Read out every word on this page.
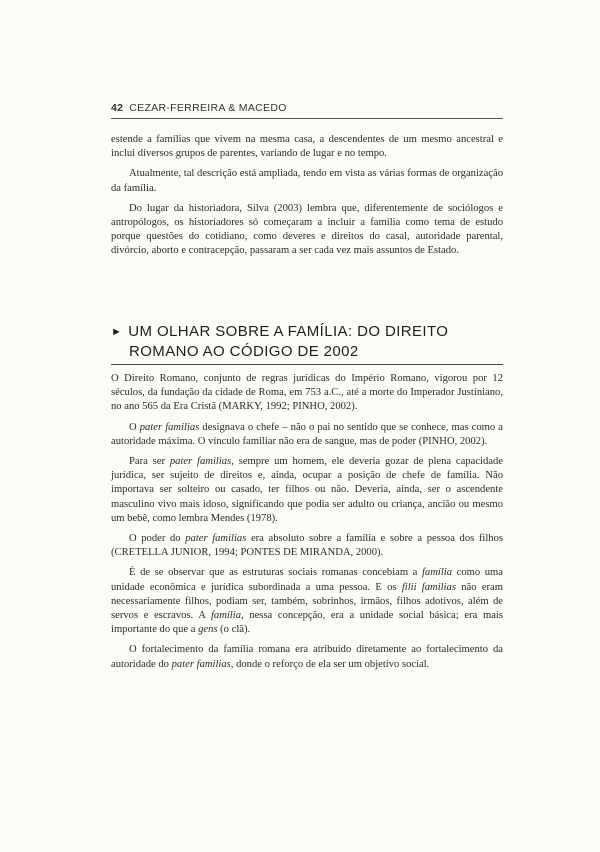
42 CEZAR-FERREIRA & MACEDO

estende a famílias que vivem na mesma casa, a descendentes de um mesmo ancestral e inclui diversos grupos de parentes, variando de lugar e no tempo.

Atualmente, tal descrição está ampliada, tendo em vista as várias formas de organização da família.

Do lugar da historiadora, Silva (2003) lembra que, diferentemente de sociólogos e antropólogos, os historiadores só começaram a incluir a família como tema de estudo porque questões do cotidiano, como deveres e direitos do casal, autoridade parental, divórcio, aborto e contracepção, passaram a ser cada vez mais assuntos de Estado.

► UM OLHAR SOBRE A FAMÍLIA: DO DIREITO
ROMANO AO CÓDIGO DE 2002

O Direito Romano, conjunto de regras jurídicas do Império Romano, vigorou por 12 séculos, da fundação da cidade de Roma, em 753 a.C., até a morte do Imperador Justiniano, no ano 565 da Era Cristã (MARKY, 1992; PINHO, 2002).

O pater familias designava o chefe – não o pai no sentido que se conhece, mas como a autoridade máxima. O vínculo familiar não era de sangue, mas de poder (PINHO, 2002).

Para ser pater familias, sempre um homem, ele deveria gozar de plena capacidade jurídica, ser sujeito de direitos e, ainda, ocupar a posição de chefe de família. Não importava ser solteiro ou casado, ter filhos ou não. Deveria, ainda, ser o ascendente masculino vivo mais idoso, significando que podia ser adulto ou criança, ancião ou mesmo um bebê, como lembra Mendes (1978).

O poder do pater familias era absoluto sobre a família e sobre a pessoa dos filhos (CRETELLA JUNIOR, 1994; PONTES DE MIRANDA, 2000).

É de se observar que as estruturas sociais romanas concebiam a família como uma unidade econômica e jurídica subordinada a uma pessoa. E os filii familias não eram necessariamente filhos, podiam ser, também, sobrinhos, irmãos, filhos adotivos, além de servos e escravos. A família, nessa concepção, era a unidade social básica; era mais importante do que a gens (o clã).

O fortalecimento da família romana era atribuído diretamente ao fortalecimento da autoridade do pater familias, donde o reforço de ela ser um objetivo social.
